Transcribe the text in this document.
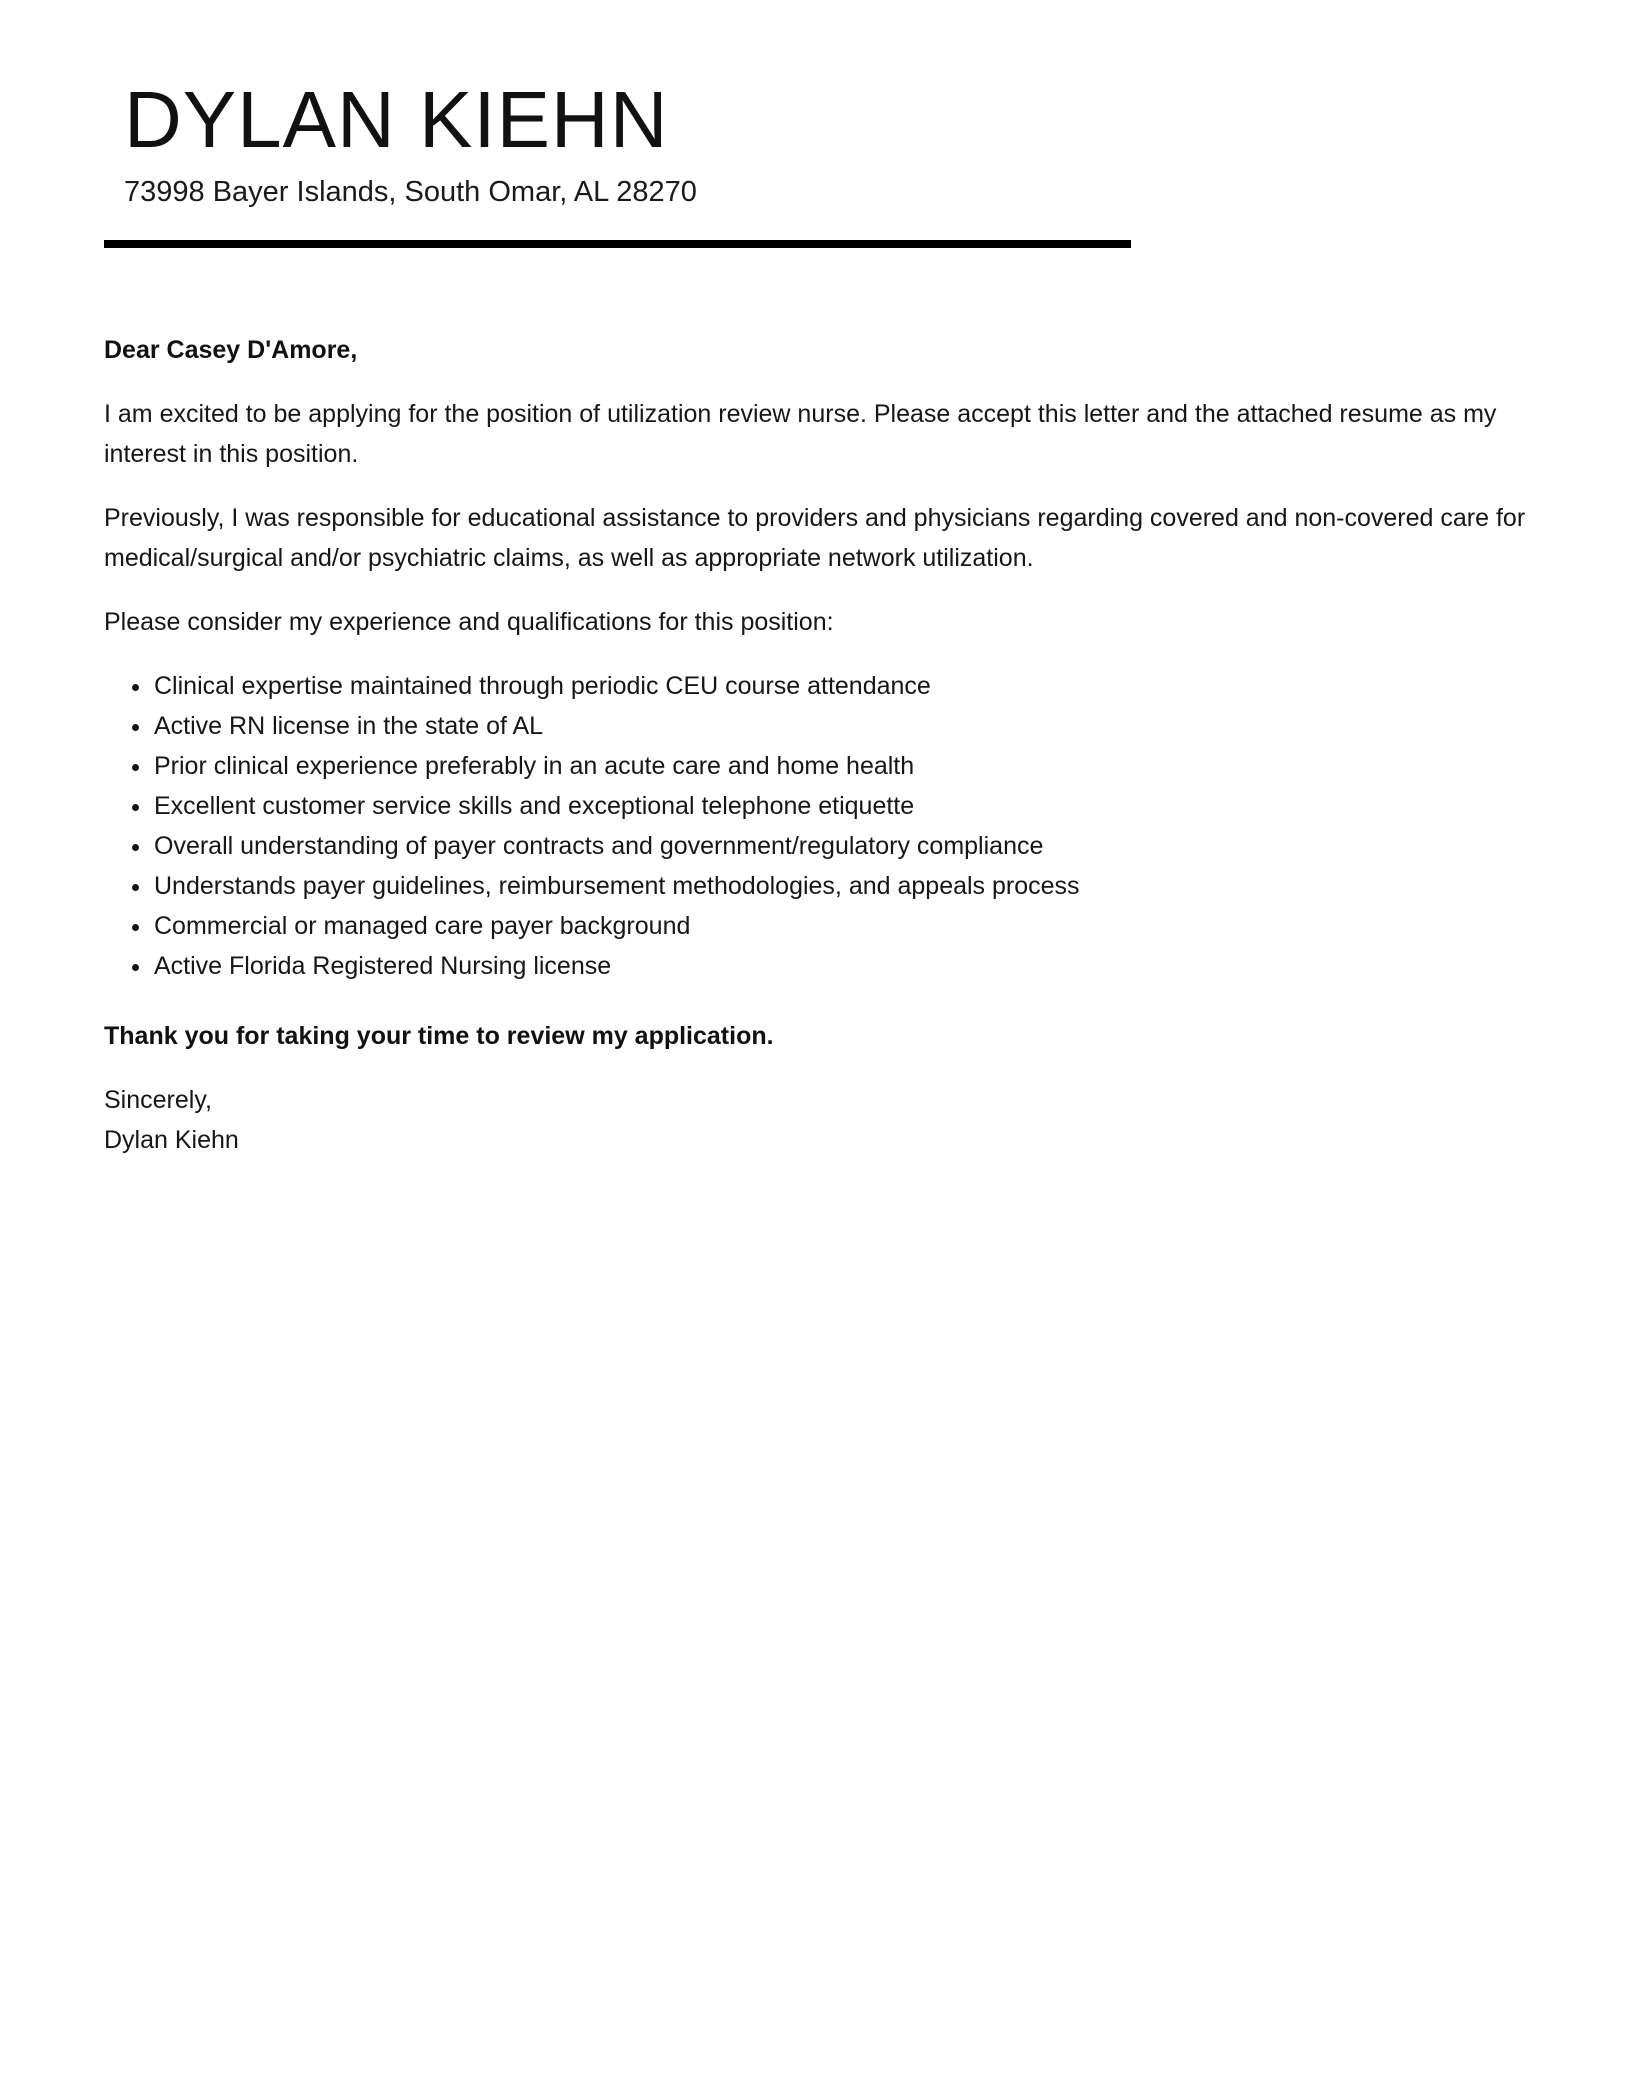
DYLAN KIEHN
73998 Bayer Islands, South Omar, AL 28270

Dear Casey D'Amore,

I am excited to be applying for the position of utilization review nurse. Please accept this letter and the attached resume as my interest in this position.

Previously, I was responsible for educational assistance to providers and physicians regarding covered and non-covered care for medical/surgical and/or psychiatric claims, as well as appropriate network utilization.

Please consider my experience and qualifications for this position:

• Clinical expertise maintained through periodic CEU course attendance
• Active RN license in the state of AL
• Prior clinical experience preferably in an acute care and home health
• Excellent customer service skills and exceptional telephone etiquette
• Overall understanding of payer contracts and government/regulatory compliance
• Understands payer guidelines, reimbursement methodologies, and appeals process
• Commercial or managed care payer background
• Active Florida Registered Nursing license

Thank you for taking your time to review my application.

Sincerely,
Dylan Kiehn
